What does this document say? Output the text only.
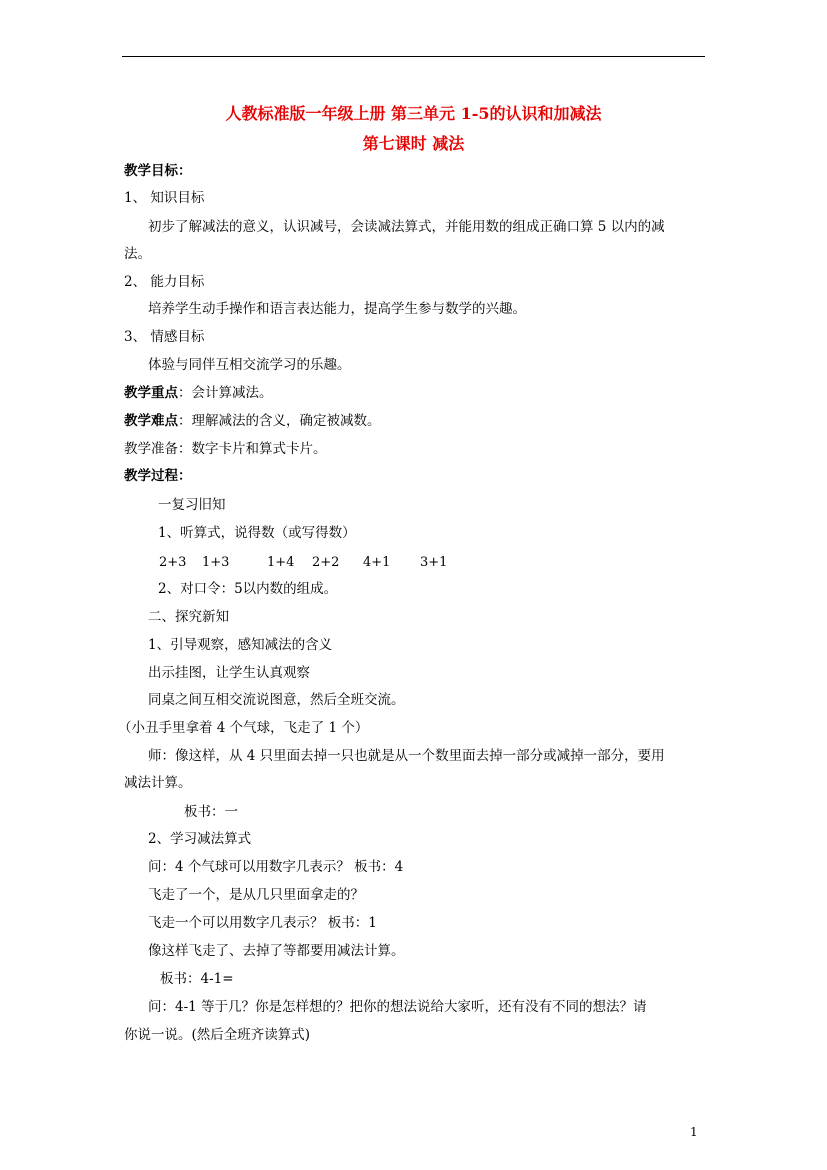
人教标准版一年级上册 第三单元 1-5的认识和加减法
第七课时 减法
教学目标：
1、 知识目标
初步了解减法的意义，认识减号，会读减法算式，并能用数的组成正确口算 5 以内的减
法。
2、 能力目标
培养学生动手操作和语言表达能力，提高学生参与数学的兴趣。
3、 情感目标
体验与同伴互相交流学习的乐趣。
教学重点：会计算减法。
教学难点：理解减法的含义，确定被减数。
教学准备：数字卡片和算式卡片。
教学过程：
一复习旧知
1、听算式，说得数（或写得数）
2+3 1+3	1+4 2+2 4+1 3+1
2、对口令：5以内数的组成。
二、探究新知
1、引导观察，感知减法的含义
出示挂图，让学生认真观察
同桌之间互相交流说图意，然后全班交流。
（小丑手里拿着 4 个气球，飞走了 1 个）
师：像这样，从 4 只里面去掉一只也就是从一个数里面去掉一部分或减掉一部分，要用
减法计算。
板书：一
2、学习减法算式
问：4 个气球可以用数字几表示？ 板书：4
飞走了一个，是从几只里面拿走的？
飞走一个可以用数字几表示？ 板书：1
像这样飞走了、去掉了等都要用减法计算。
板书：4-1=
问：4-1 等于几？你是怎样想的？把你的想法说给大家听，还有没有不同的想法？请
你说一说。(然后全班齐读算式)
1
